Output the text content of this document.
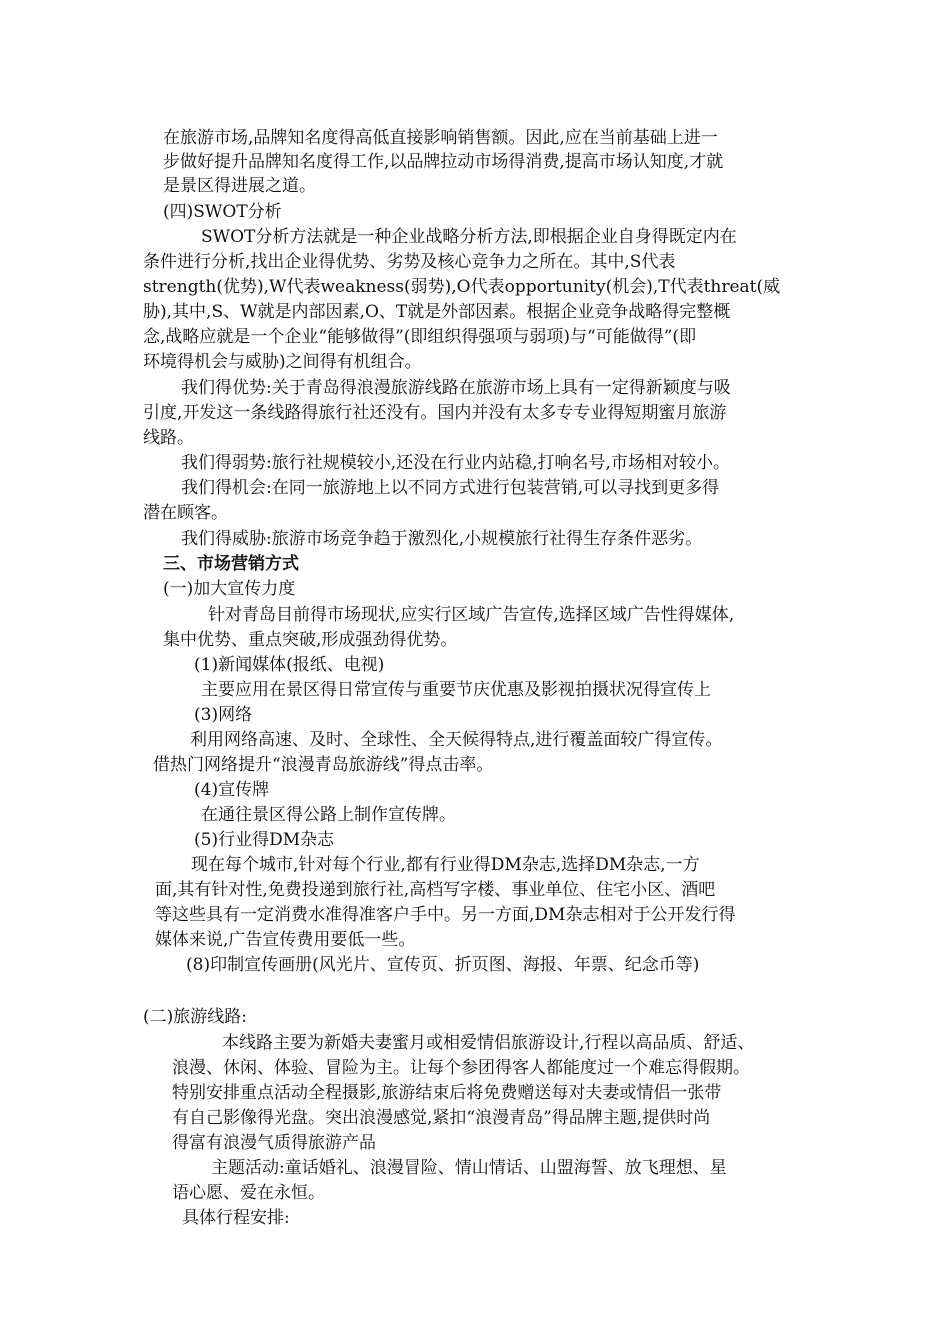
在旅游市场,品牌知名度得高低直接影响销售额。因此,应在当前基础上进一

步做好提升品牌知名度得工作,以品牌拉动市场得消费,提高市场认知度,才就

是景区得进展之道。

(四)SWOT分析

SWOT分析方法就是一种企业战略分析方法,即根据企业自身得既定内在

条件进行分析,找出企业得优势、劣势及核心竞争力之所在。其中,S代表

strength(优势),W代表weakness(弱势),O代表opportunity(机会),T代表threat(威

胁),其中,S、W就是内部因素,O、T就是外部因素。根据企业竞争战略得完整概

念,战略应就是一个企业“能够做得”(即组织得强项与弱项)与“可能做得”(即

环境得机会与威胁)之间得有机组合。

我们得优势:关于青岛得浪漫旅游线路在旅游市场上具有一定得新颖度与吸

引度,开发这一条线路得旅行社还没有。国内并没有太多专专业得短期蜜月旅游

线路。

我们得弱势:旅行社规模较小,还没在行业内站稳,打响名号,市场相对较小。

我们得机会:在同一旅游地上以不同方式进行包装营销,可以寻找到更多得

潜在顾客。

我们得威胁:旅游市场竞争趋于激烈化,小规模旅行社得生存条件恶劣。

三、市场营销方式

(一)加大宣传力度

针对青岛目前得市场现状,应实行区域广告宣传,选择区域广告性得媒体,

集中优势、重点突破,形成强劲得优势。

(1)新闻媒体(报纸、电视)

主要应用在景区得日常宣传与重要节庆优惠及影视拍摄状况得宣传上

(3)网络

利用网络高速、及时、全球性、全天候得特点,进行覆盖面较广得宣传。

借热门网络提升“浪漫青岛旅游线”得点击率。

(4)宣传牌

在通往景区得公路上制作宣传牌。

(5)行业得DM杂志

现在每个城市,针对每个行业,都有行业得DM杂志,选择DM杂志,一方

面,其有针对性,免费投递到旅行社,高档写字楼、事业单位、住宅小区、酒吧

等这些具有一定消费水准得准客户手中。另一方面,DM杂志相对于公开发行得

媒体来说,广告宣传费用要低一些。

(8)印制宣传画册(风光片、宣传页、折页图、海报、年票、纪念币等)

(二)旅游线路:

本线路主要为新婚夫妻蜜月或相爱情侣旅游设计,行程以高品质、舒适、

浪漫、休闲、体验、冒险为主。让每个参团得客人都能度过一个难忘得假期。

特别安排重点活动全程摄影,旅游结束后将免费赠送每对夫妻或情侣一张带

有自己影像得光盘。突出浪漫感觉,紧扣“浪漫青岛”得品牌主题,提供时尚

得富有浪漫气质得旅游产品

主题活动:童话婚礼、浪漫冒险、情山情话、山盟海誓、放飞理想、星

语心愿、爱在永恒。

具体行程安排:
